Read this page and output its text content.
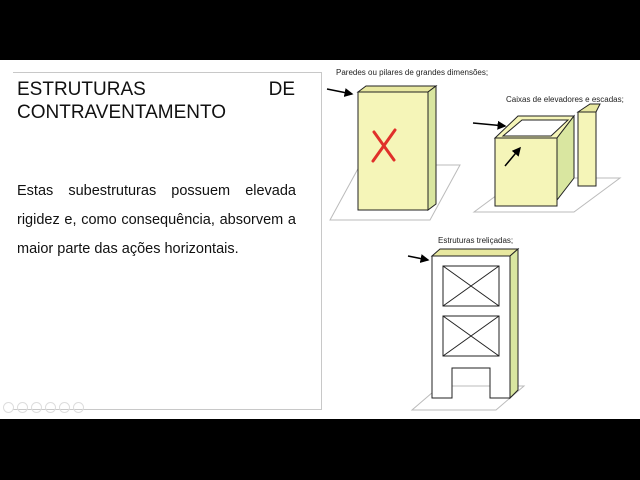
ESTRUTURAS	DE
CONTRAVENTAMENTO
Estas subestruturas possuem elevada rigidez e, como consequência, absorvem a maior parte das ações horizontais.
Paredes ou pilares de grandes dimensões;
Caixas de elevadores e escadas;
Estruturas treliçadas;
